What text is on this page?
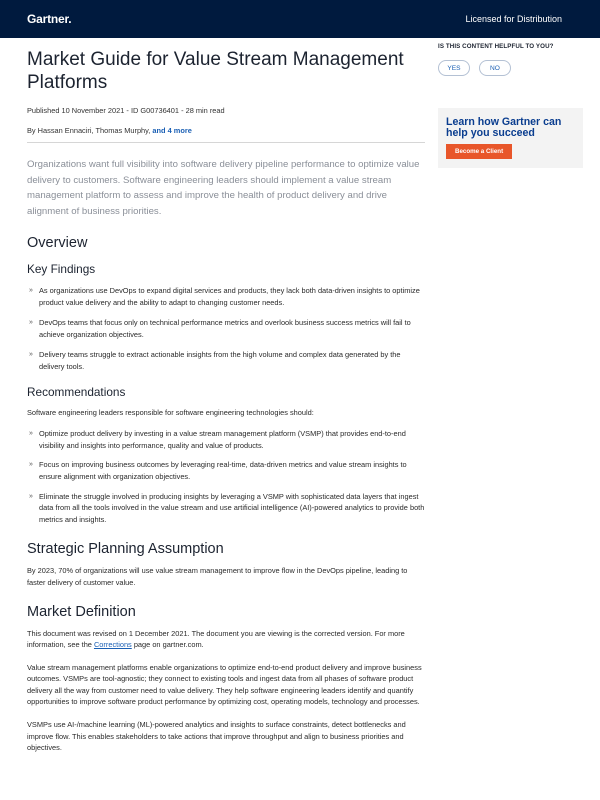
Gartner.	Licensed for Distribution
Market Guide for Value Stream Management Platforms
Published 10 November 2021 - ID G00736401 - 28 min read
By Hassan Ennaciri, Thomas Murphy, and 4 more

Organizations want full visibility into software delivery pipeline performance to optimize value delivery to customers. Software engineering leaders should implement a value stream management platform to assess and improve the health of product delivery and drive alignment of business priorities.

Overview
Key Findings
» As organizations use DevOps to expand digital services and products, they lack both data-driven insights to optimize product value delivery and the ability to adapt to changing customer needs.
» DevOps teams that focus only on technical performance metrics and overlook business success metrics will fail to achieve organization objectives.
» Delivery teams struggle to extract actionable insights from the high volume and complex data generated by the delivery tools.
Recommendations

Software engineering leaders responsible for software engineering technologies should:

» Optimize product delivery by investing in a value stream management platform (VSMP) that provides end-to-end visibility and insights into performance, quality and value of products.
» Focus on improving business outcomes by leveraging real-time, data-driven metrics and value stream insights to ensure alignment with organization objectives.
» Eliminate the struggle involved in producing insights by leveraging a VSMP with sophisticated data layers that ingest data from all the tools involved in the value stream and use artificial intelligence (AI)-powered analytics to provide both metrics and insights.
Strategic Planning Assumption

By 2023, 70% of organizations will use value stream management to improve flow in the DevOps pipeline, leading to faster delivery of customer value.

Market Definition

This document was revised on 1 December 2021. The document you are viewing is the corrected version. For more information, see the Corrections page on gartner.com.

Value stream management platforms enable organizations to optimize end-to-end product delivery and improve business outcomes. VSMPs are tool-agnostic; they connect to existing tools and ingest data from all phases of software product delivery all the way from customer need to value delivery. They help software engineering leaders identify and quantify opportunities to improve software product performance by optimizing cost, operating models, technology and processes.

VSMPs use AI-/machine learning (ML)-powered analytics and insights to surface constraints, detect bottlenecks and improve flow. This enables stakeholders to take actions that improve throughput and align to business priorities and objectives.

IS THIS CONTENT HELPFUL TO YOU?
YES	NO
Learn how Gartner can help you succeed
Become a Client
